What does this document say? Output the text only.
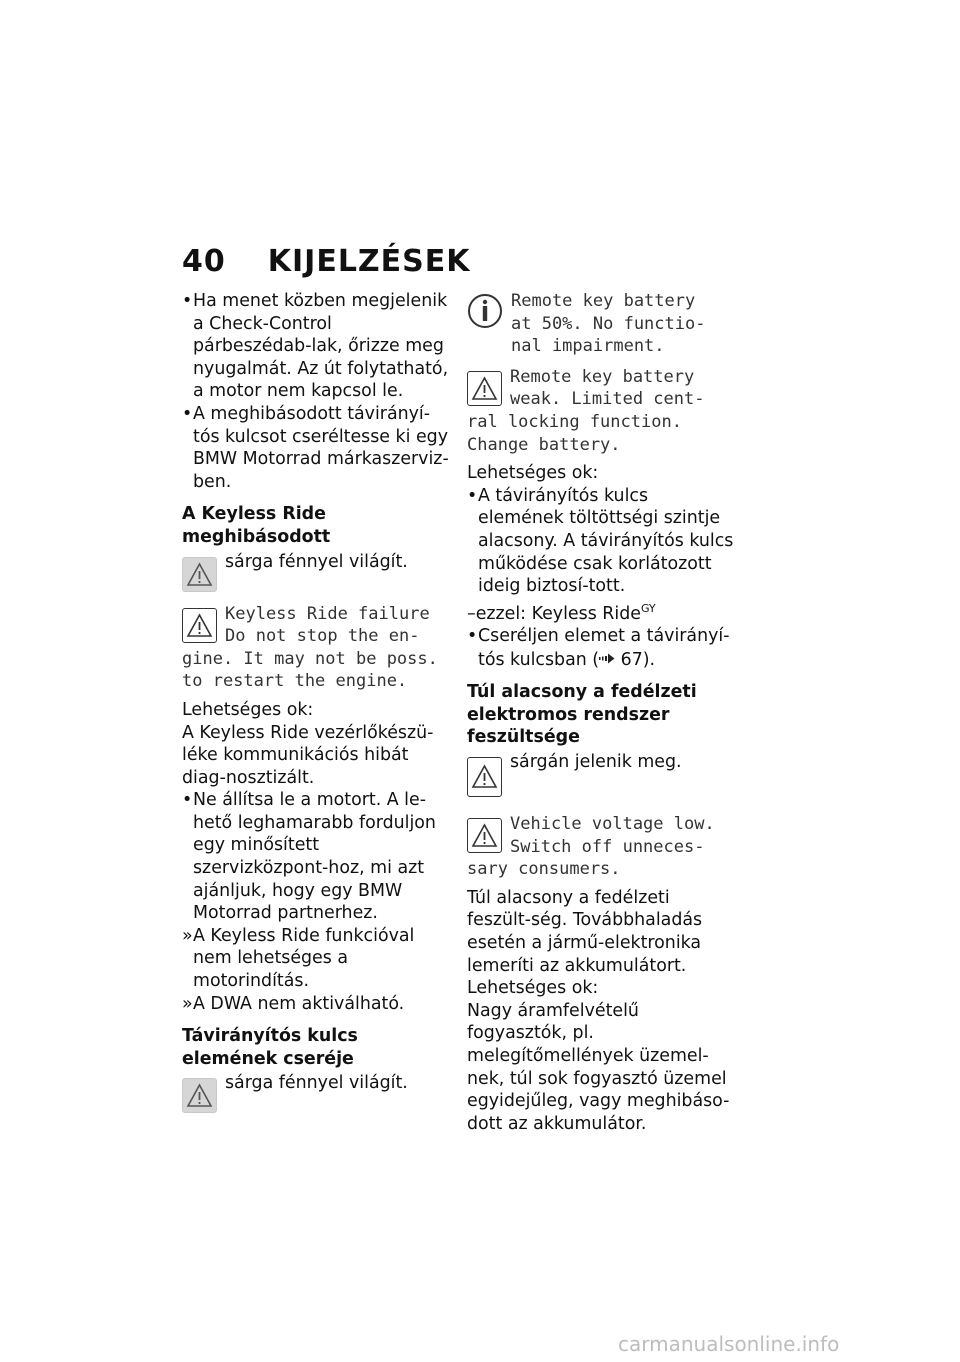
40 KIJELZÉSEK

• Ha menet közben megjelenik a Check-Control párbeszédab-lak, őrizze meg nyugalmát. Az út folytatható, a motor nem kapcsol le.

• A meghibásodott távirányí-tós kulcsot cseréltesse ki egy BMW Motorrad márkaszerviz-ben.

A Keyless Ride meghibásodott

sárga fénnyel világít.
Keyless Ride failure
Do not stop the en-
gine. It may not be poss.
to restart the engine.

Lehetséges ok:

A Keyless Ride vezérlőkészü-léke kommunikációs hibát diag-nosztizált.

• Ne állítsa le a motort. A le-hető leghamarabb forduljon egy minősített szervizközpont-hoz, mi azt ajánljuk, hogy egy BMW Motorrad partnerhez.

» A Keyless Ride funkcióval nem lehetséges a motorindítás.

» A DWA nem aktiválható.

Távirányítós kulcs elemének cseréje

sárga fénnyel világít.
Remote key battery
at 50%. No functio-
nal impairment.
Remote key battery
weak. Limited cent-
ral locking function.
Change battery.

Lehetséges ok:

• A távirányítós kulcs elemének töltöttségi szintje alacsony. A távirányítós kulcs működése csak korlátozott ideig biztosí-tott.

–ezzel: Keyless Ride$^{GY}$

• Cseréljen elemet a távirányí-tós kulcsban ( 67).

Túl alacsony a fedélzeti elektromos rendszer feszültsége

sárgán jelenik meg.
Vehicle voltage low.
Switch off unneces-
sary consumers.

Túl alacsony a fedélzeti feszült-ség. Továbbhaladás esetén a jármű-elektronika lemeríti az akkumulátort.

Lehetséges ok:

Nagy áramfelvételű fogyasztók, pl. melegítőmellények üzemel-nek, túl sok fogyasztó üzemel egyidejűleg, vagy meghibáso-dott az akkumulátor.

carmanualsonline.info
